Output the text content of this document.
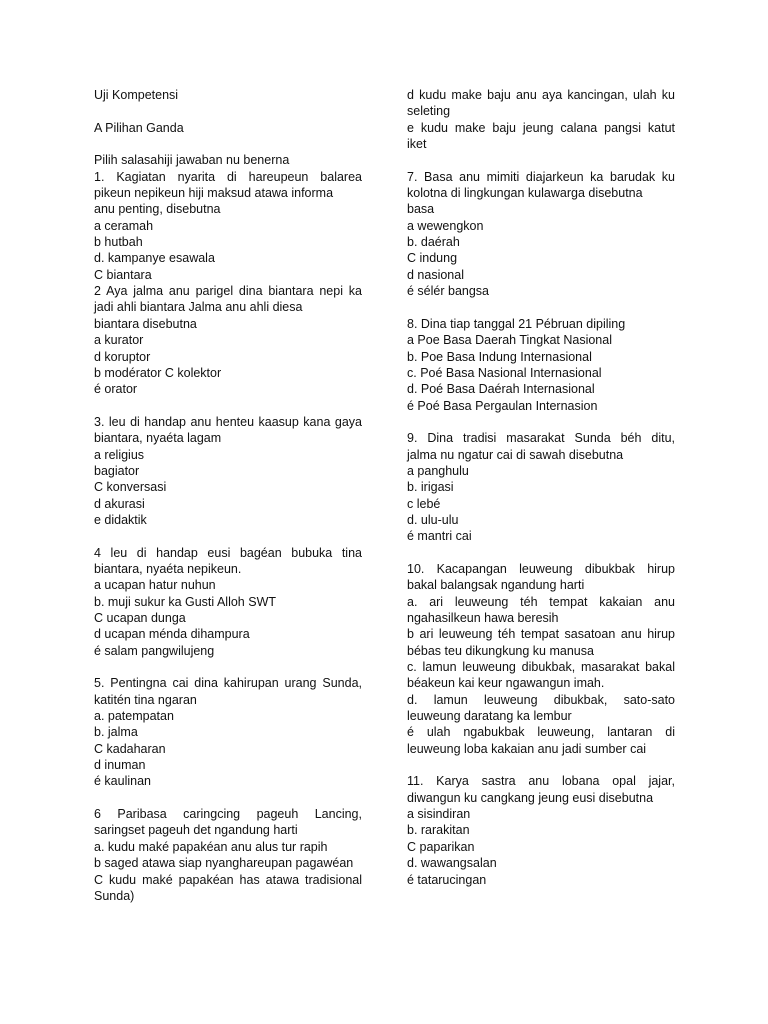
Uji Kompetensi
A Pilihan Ganda
Pilih salasahiji jawaban nu benerna
1. Kagiatan nyarita di hareupeun balarea
pikeun nepikeun hiji maksud atawa informa
anu penting, disebutna
a ceramah
b hutbah
d. kampanye esawala
C biantara
2 Aya jalma anu parigel dina biantara nepi ka
jadi ahli biantara Jalma anu ahli diesa
biantara disebutna
a kurator
d koruptor
b modérator C kolektor
é orator
3. leu di handap anu henteu kaasup kana gaya
biantara, nyaéta lagam
a religius
bagiator
C konversasi
d akurasi
e didaktik
4 leu di handap eusi bagéan bubuka tina
biantara, nyaéta nepikeun.
a ucapan hatur nuhun
b. muji sukur ka Gusti Alloh SWT
C ucapan dunga
d ucapan ménda dihampura
é salam pangwilujeng
5. Pentingna cai dina kahirupan urang Sunda,
katitén tina ngaran
a. patempatan
b. jalma
C kadaharan
d inuman
é kaulinan
6 Paribasa caringcing pageuh Lancing,
saringset pageuh det ngandung harti
a. kudu maké papakéan anu alus tur rapih
b saged atawa siap nyanghareupan pagawéan
C kudu maké papakéan has atawa tradisional
Sunda)
d kudu make baju anu aya kancingan, ulah ku
seleting
e kudu make baju jeung calana pangsi katut
iket
7. Basa anu mimiti diajarkeun ka barudak ku
kolotna di lingkungan kulawarga disebutna
basa
a wewengkon
b. daérah
C indung
d nasional
é sélér bangsa
8. Dina tiap tanggal 21 Pébruan dipiling
a Poe Basa Daerah Tingkat Nasional
b. Poe Basa Indung Internasional
c. Poé Basa Nasional Internasional
d. Poé Basa Daérah Internasional
é Poé Basa Pergaulan Internasion
9. Dina tradisi masarakat Sunda béh ditu,
jalma nu ngatur cai di sawah disebutna
a panghulu
b. irigasi
c lebé
d. ulu-ulu
é mantri cai
10. Kacapangan leuweung dibukbak hirup
bakal balangsak ngandung harti
a. ari leuweung téh tempat kakaian anu
ngahasilkeun hawa beresih
b ari leuweung téh tempat sasatoan anu hirup
bébas teu dikungkung ku manusa
c. lamun leuweung dibukbak, masarakat bakal
béakeun kai keur ngawangun imah.
d. lamun leuweung dibukbak, sato-sato
leuweung daratang ka lembur
é ulah ngabukbak leuweung, lantaran di
leuweung loba kakaian anu jadi sumber cai
11. Karya sastra anu lobana opal jajar,
diwangun ku cangkang jeung eusi disebutna
a sisindiran
b. rarakitan
C paparikan
d. wawangsalan
é tatarucingan
